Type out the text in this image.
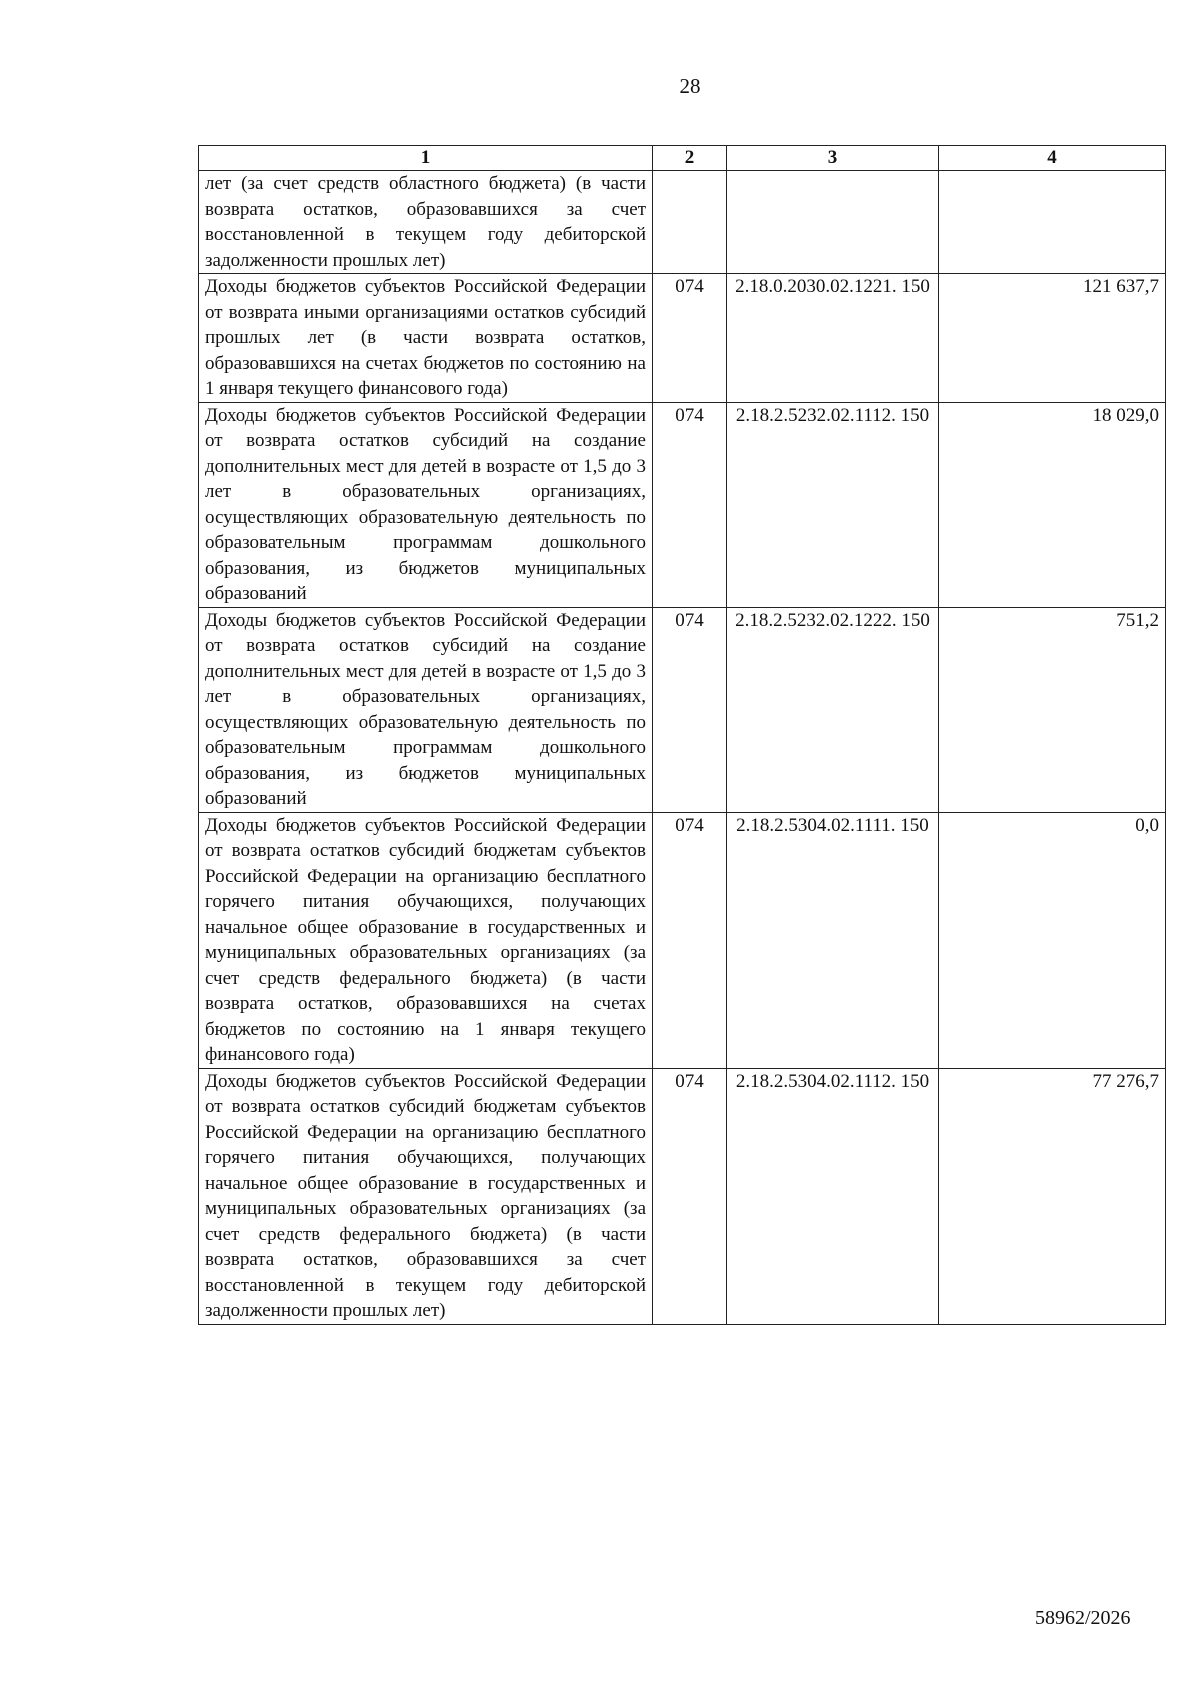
28
1	2	3	4
лет (за счет средств областного бюджета) (в части возврата остатков, образовавшихся за счет восстановленной в текущем году дебиторской задолженности прошлых лет)			
Доходы бюджетов субъектов Российской Федерации от возврата иными организациями остатков субсидий прошлых лет (в части возврата остатков, образовавшихся на счетах бюджетов по состоянию на 1 января текущего финансового года)	074	2.18.0.2030.02.1221. 150	121 637,7
Доходы бюджетов субъектов Российской Федерации от возврата остатков субсидий на создание дополнительных мест для детей в возрасте от 1,5 до 3 лет в образовательных организациях, осуществляющих образовательную деятельность по образовательным программам дошкольного образования, из бюджетов муниципальных образований	074	2.18.2.5232.02.1112. 150	18 029,0
Доходы бюджетов субъектов Российской Федерации от возврата остатков субсидий на создание дополнительных мест для детей в возрасте от 1,5 до 3 лет в образовательных организациях, осуществляющих образовательную деятельность по образовательным программам дошкольного образования, из бюджетов муниципальных образований	074	2.18.2.5232.02.1222. 150	751,2
Доходы бюджетов субъектов Российской Федерации от возврата остатков субсидий бюджетам субъектов Российской Федерации на организацию бесплатного горячего питания обучающихся, получающих начальное общее образование в государственных и муниципальных образовательных организациях (за счет средств федерального бюджета) (в части возврата остатков, образовавшихся на счетах бюджетов по состоянию на 1 января текущего финансового года)	074	2.18.2.5304.02.1111. 150	0,0
Доходы бюджетов субъектов Российской Федерации от возврата остатков субсидий бюджетам субъектов Российской Федерации на организацию бесплатного горячего питания обучающихся, получающих начальное общее образование в государственных и муниципальных образовательных организациях (за счет средств федерального бюджета) (в части возврата остатков, образовавшихся за счет восстановленной в текущем году дебиторской задолженности прошлых лет)	074	2.18.2.5304.02.1112. 150	77 276,7
58962/2026
